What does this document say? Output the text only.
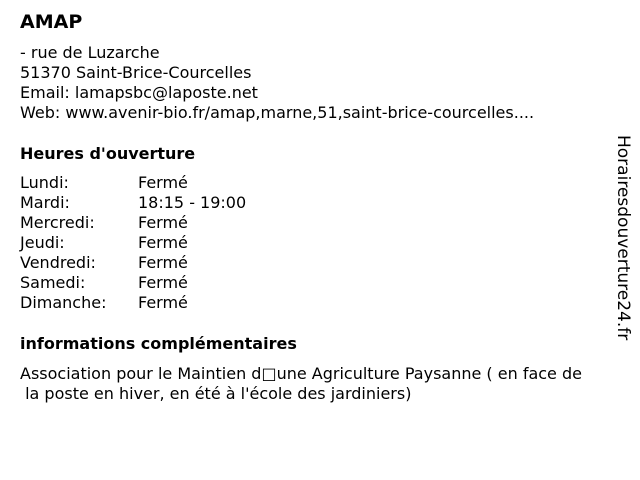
AMAP
- rue de Luzarche
51370 Saint-Brice-Courcelles
Email: lamapsbc@laposte.net
Web: www.avenir-bio.fr/amap,marne,51,saint-brice-courcelles....
Heures d'ouverture
Lundi:	Fermé
Mardi:	18:15 - 19:00
Mercredi:	Fermé
Jeudi:	Fermé
Vendredi:	Fermé
Samedi:	Fermé
Dimanche:	Fermé
informations complémentaires
Association pour le Maintien d□une Agriculture Paysanne ( en face de
la poste en hiver, en été à l'école des jardiniers)
Horairesdouverture24.fr
